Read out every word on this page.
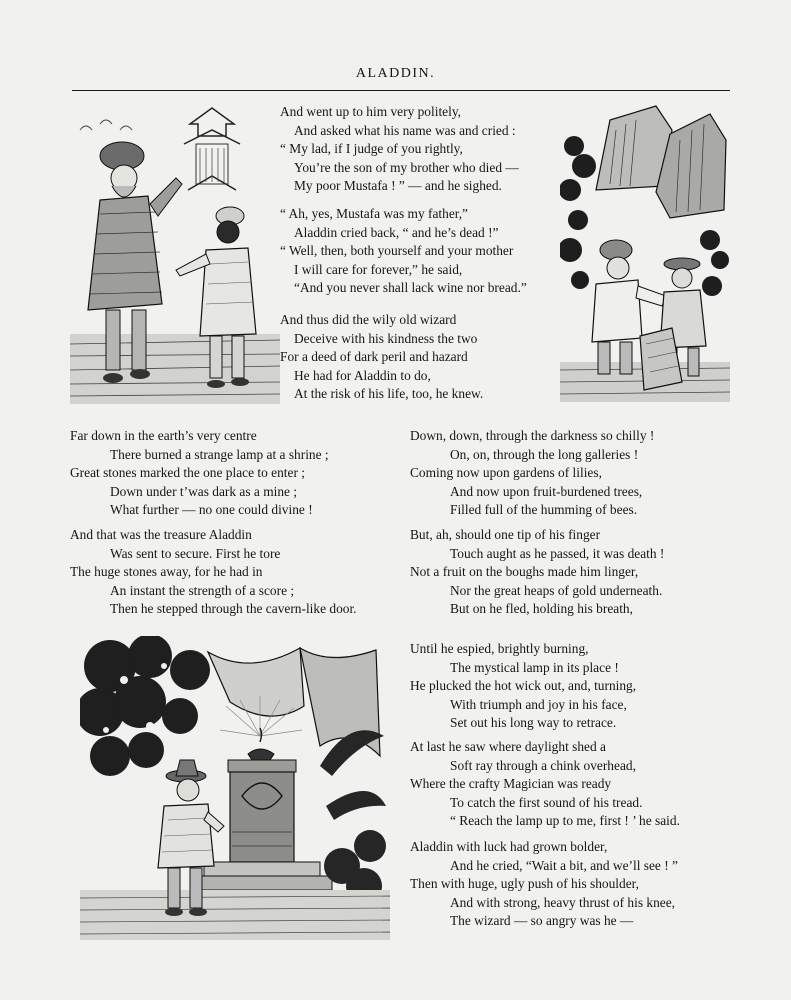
ALADDIN.
And went up to him very politely,
And asked what his name was and cried :
“ My lad, if I judge of you rightly,
You’re the son of my brother who died —
My poor Mustafa ! ” — and he sighed.
“ Ah, yes, Mustafa was my father,”
Aladdin cried back, “ and he’s dead !”
“ Well, then, both yourself and your mother
I will care for forever,” he said,
“And you never shall lack wine nor bread.”
And thus did the wily old wizard
Deceive with his kindness the two
For a deed of dark peril and hazard
He had for Aladdin to do,
At the risk of his life, too, he knew.
Far down in the earth’s very centre
There burned a strange lamp at a shrine ;
Great stones marked the one place to enter ;
Down under t’was dark as a mine ;
What further — no one could divine !
And that was the treasure Aladdin
Was sent to secure. First he tore
The huge stones away, for he had in
An instant the strength of a score ;
Then he stepped through the cavern-like door.
Down, down, through the darkness so chilly !
On, on, through the long galleries !
Coming now upon gardens of lilies,
And now upon fruit-burdened trees,
Filled full of the humming of bees.
But, ah, should one tip of his finger
Touch aught as he passed, it was death !
Not a fruit on the boughs made him linger,
Nor the great heaps of gold underneath.
But on he fled, holding his breath,
Until he espied, brightly burning,
The mystical lamp in its place !
He plucked the hot wick out, and, turning,
With triumph and joy in his face,
Set out his long way to retrace.
At last he saw where daylight shed a
Soft ray through a chink overhead,
Where the crafty Magician was ready
To catch the first sound of his tread.
“ Reach the lamp up to me, first ! ’ he said.
Aladdin with luck had grown bolder,
And he cried, “Wait a bit, and we’ll see ! ”
Then with huge, ugly push of his shoulder,
And with strong, heavy thrust of his knee,
The wizard — so angry was he —
